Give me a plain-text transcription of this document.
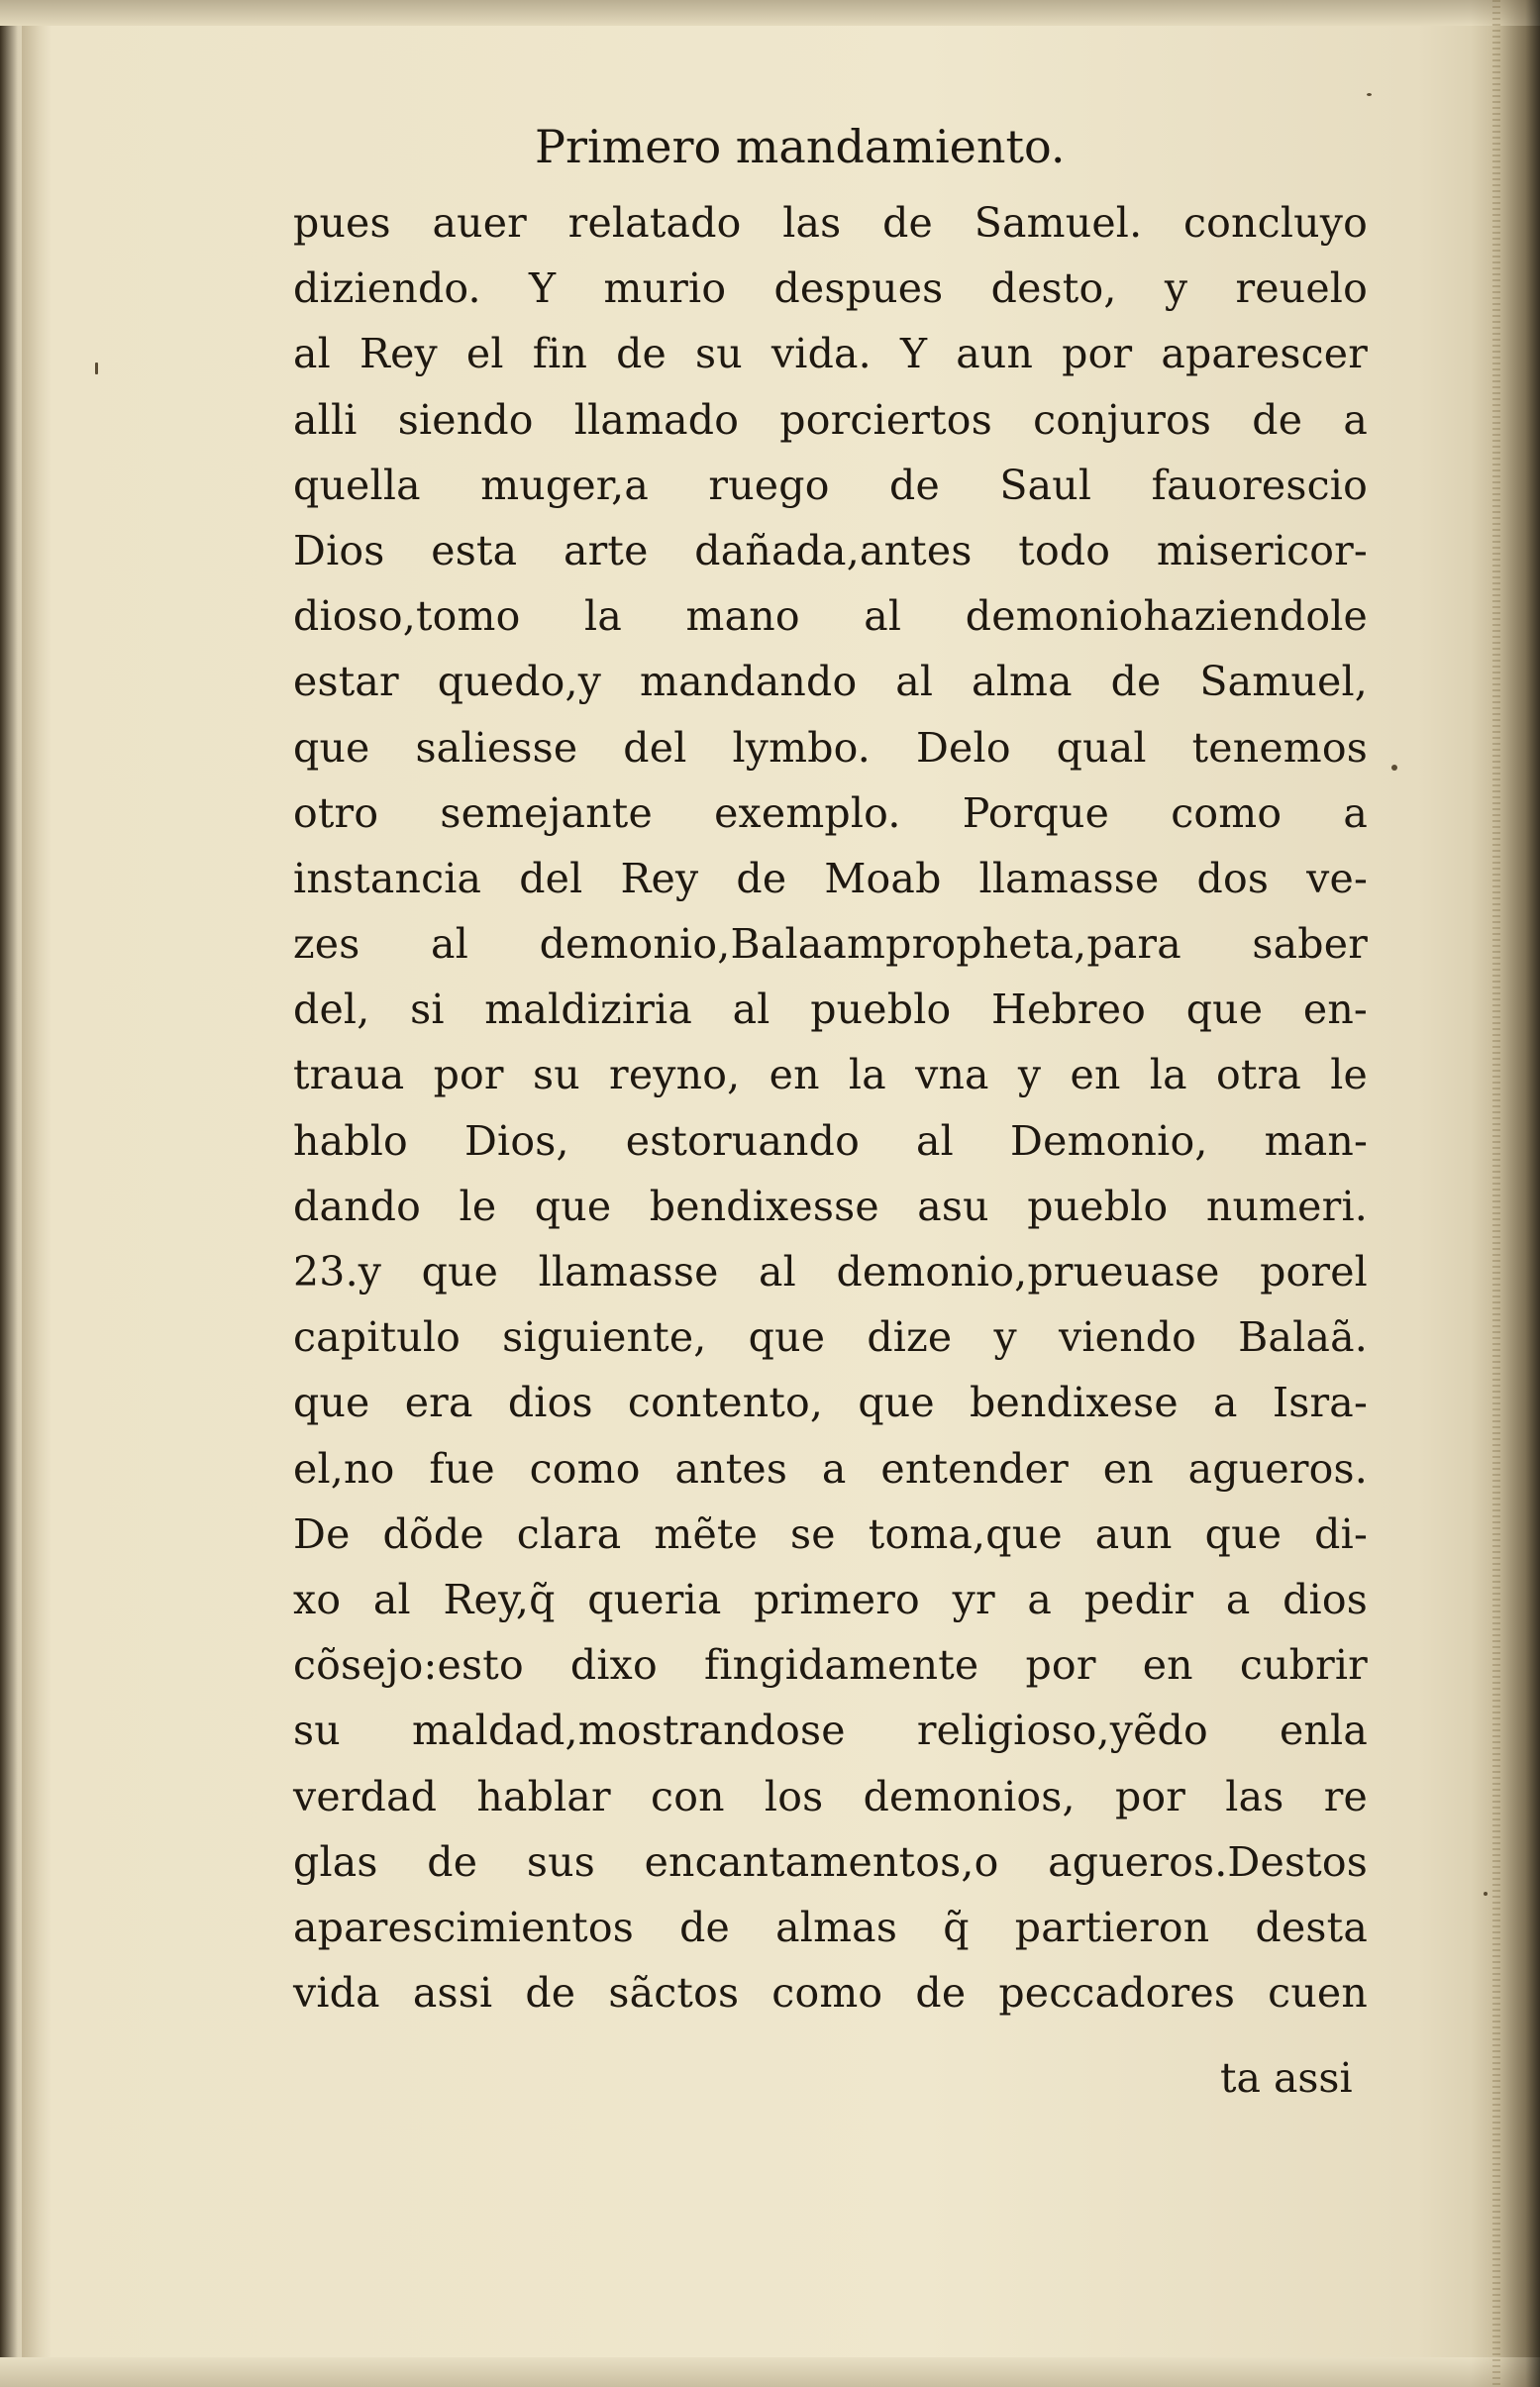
Primero mandamiento.
pues auer relatado las de Samuel. concluyo
diziendo. Y murio despues desto, y reuelo
al Rey el fin de su vida. Y aun por aparescer
alli siendo llamado porciertos conjuros de a
quella muger,a ruego de Saul fauorescio
Dios esta arte dañada,antes todo misericor-
dioso,tomo la mano al demoniohaziendole
estar quedo,y mandando al alma de Samuel,
que saliesse del lymbo. Delo qual tenemos
otro semejante exemplo. Porque como a
instancia del Rey de Moab llamasse dos ve-
zes al demonio,Balaampropheta,para saber
del, si maldiziria al pueblo Hebreo que en-
traua por su reyno, en la vna y en la otra le
hablo Dios, estoruando al Demonio, man-
dando le que bendixesse asu pueblo numeri.
23.y que llamasse al demonio,prueuase porel
capitulo siguiente, que dize y viendo Balaã.
que era dios contento, que bendixese a Isra-
el,no fue como antes a entender en agueros.
De dõde clara mẽte se toma,que aun que di-
xo al Rey,q̃ queria primero yr a pedir a dios
cõsejo:esto dixo fingidamente por en cubrir
su maldad,mostrandose religioso,yẽdo enla
verdad hablar con los demonios, por las re
glas de sus encantamentos,o agueros.Destos
aparescimientos de almas q̃ partieron desta
vida assi de sãctos como de peccadores cuen
ta assi
